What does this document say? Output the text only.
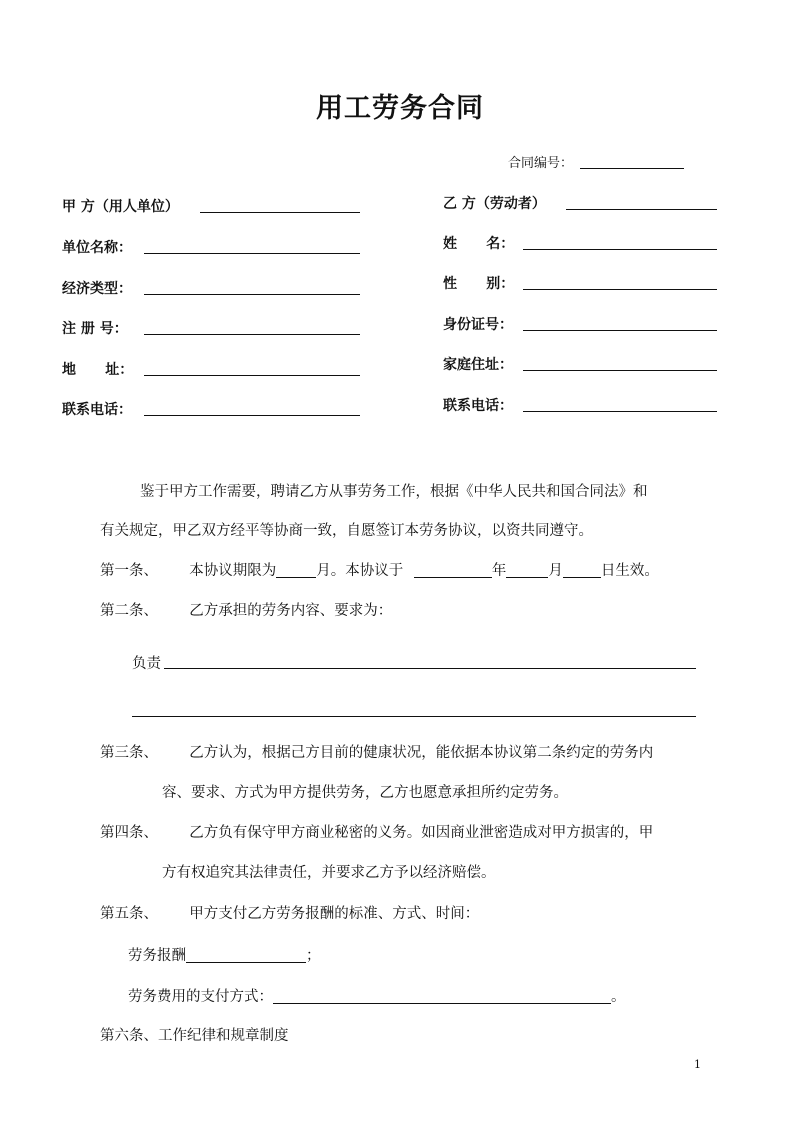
用工劳务合同
合同编号：
甲 方（用人单位）
单位名称：
经济类型：
注 册 号：
地      址：
联系电话：
乙 方（劳动者）
姓      名：
性      别：
身份证号：
家庭住址：
联系电话：
鉴于甲方工作需要，聘请乙方从事劳务工作，根据《中华人民共和国合同法》和
有关规定，甲乙双方经平等协商一致，自愿签订本劳务协议，以资共同遵守。
第一条、 本协议期限为	月。本协议于	年	月	日生效。
第二条、 乙方承担的劳务内容、要求为：
负责
第三条、 乙方认为，根据己方目前的健康状况，能依据本协议第二条约定的劳务内
容、要求、方式为甲方提供劳务，乙方也愿意承担所约定劳务。
第四条、 乙方负有保守甲方商业秘密的义务。如因商业泄密造成对甲方损害的，甲
方有权追究其法律责任，并要求乙方予以经济赔偿。
第五条、 甲方支付乙方劳务报酬的标准、方式、时间：
劳务报酬	；
劳务费用的支付方式：	。
第六条、工作纪律和规章制度
1
